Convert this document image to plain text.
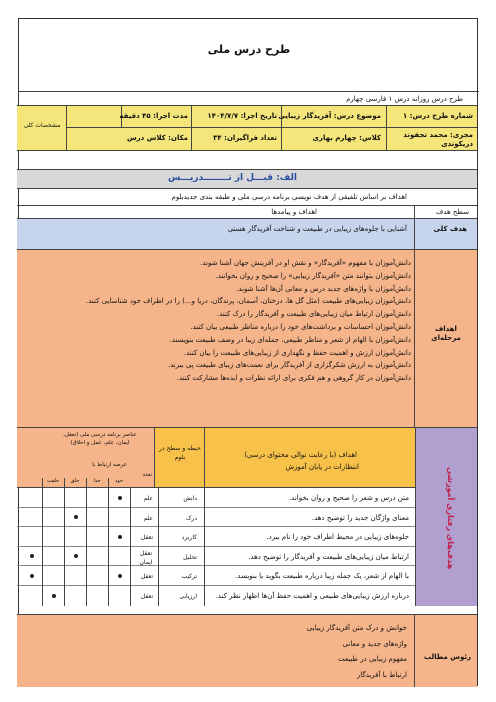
طرح درس ملی
طرح درس روزانه درس ۱ فارسی چهارم
مشخصات کلی
شماره طرح درس: ۱
موضوع درس: آفریدگار زیبایی
تاریخ اجرا: ۱۴۰۴/۷/۷
مدت اجرا: ۴۵ دقیقه
مجری: محمد تجفوند دریکوندی
کلاس: چهارم بهاری
تعداد فراگیران: ۳۴
مکان: کلاس درس
الف: قبـــل از تــــــــدریـــس
اهداف بر اساس تلفیقی از هدف نویسی برنامه درسی ملی و طبقه بندی جدیدبلوم
سطح هدف
اهداف و پیامدها
هدف کلی
آشنایی با جلوه‌های زیبایی در طبیعت و شناخت آفریدگار هستی
اهداف مرحله‌ای
دانش‌آموزان با مفهوم «آفریدگار» و نقش او در آفرینش جهان آشنا شوند.
دانش‌آموزان بتوانند متن «آفریدگار زیبایی» را صحیح و روان بخوانند.
دانش‌آموزان با واژه‌های جدید درس و معانی آن‌ها آشنا شوند.
دانش‌آموزان زیبایی‌های طبیعت (مثل گل ها، درختان، آسمان، پرندگان، دریا و...) را در اطراف خود شناسایی کنند.
دانش‌آموزان ارتباط میان زیبایی‌های طبیعت و آفریدگار را درک کنند.
دانش‌آموزان احساسات و برداشت‌های خود را درباره مناظر طبیعی بیان کنند.
دانش‌آموزان با الهام از شعر و مناظر طبیعی، جمله‌ای زیبا در وصف طبیعت بنویسند.
دانش‌آموزان ارزش و اهمیت حفظ و نگهداری از زیبایی‌های طبیعت را بیان کنند.
دانش‌آموزان به ارزش شکرگزاری از آفریدگار برای نعمت‌های زیبای طبیعت پی ببرند.
دانش‌آموزان در کار گروهی و هم فکری برای ارائه نظرات و ایده‌ها مشارکت کنند.
هدف‌های رفتاری آموزشی
اهداف (با رعایت توالی محتوای درسی)
انتظارات در پایان آموزش
حیطه و سطح در بلوم
عناصر برنامه درسی ملی (تعقل، ایمان، علم، عمل و اخلاق)
عرصه ارتباط با
تعدد
خود
خدا
خلق
خلقت
متن درس و شعر را صحیح و روان بخواند.
دانش
علم
معنای واژگان جدید را توضیح دهد.
درک
علم
جلوه‌های زیبایی در محیط اطراف خود را نام ببرد.
کاربرد
تعقل
ارتباط میان زیبایی‌های طبیعت و آفریدگار را توضیح دهد.
تحلیل
تعقل ایمان
با الهام از شعر، یک جمله زیبا درباره طبیعت بگوید یا بنویسد.
ترکیب
تعقل
درباره ارزش زیبایی‌های طبیعی و اهمیت حفظ آن‌ها اظهار نظر کند.
ارزیابی
تعقل
رئوس مطالب
خوانش و درک متن آفریدگار زیبایی
واژه‌های جدید و معانی
مفهوم زیبایی در طبیعت
ارتباط با آفریدگار
